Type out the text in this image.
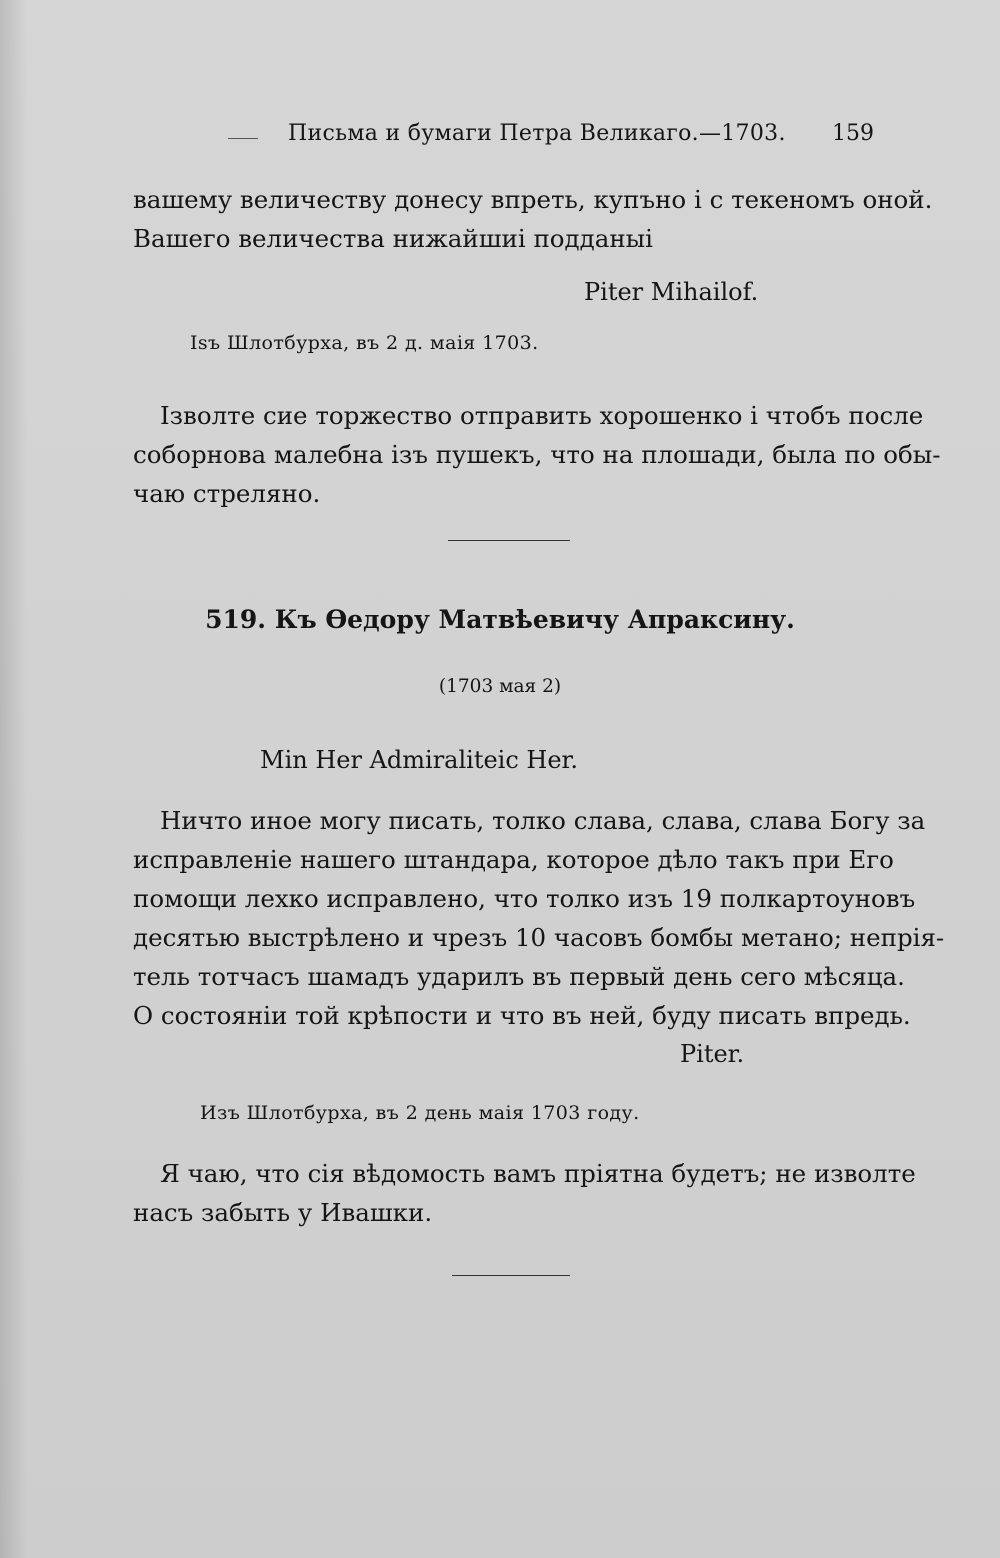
Письма и бумаги Петра Великаго.—1703. 159
вашему величеству донесу впреть, купъно і с текеномъ оной.
Вашего величества нижайшиі подданыі
Piter Mihailof.
Іsъ Шлотбурха, въ 2 д. маія 1703.
Ізволте сие торжество отправить хорошенко і чтобъ после
соборнова малебна ізъ пушекъ, что на плошади, была по обы-
чаю стреляно.
519. Къ Өедору Матвѣевичу Апраксину.
(1703 мая 2)
Min Her Admiraliteic Her.
Ничто иное могу писать, толко слава, слава, слава Богу за
исправленіе нашего штандара, которое дѣло такъ при Его
помощи лехко исправлено, что толко изъ 19 полкартоуновъ
десятью выстрѣлено и чрезъ 10 часовъ бомбы метано; непрія-
тель тотчасъ шамадъ ударилъ въ первый день сего мѣсяца.
О состояніи той крѣпости и что въ ней, буду писать впредь.
Piter.
Изъ Шлотбурха, въ 2 день маія 1703 году.
Я чаю, что сія вѣдомость вамъ пріятна будетъ; не изволте
насъ забыть у Ивашки.
